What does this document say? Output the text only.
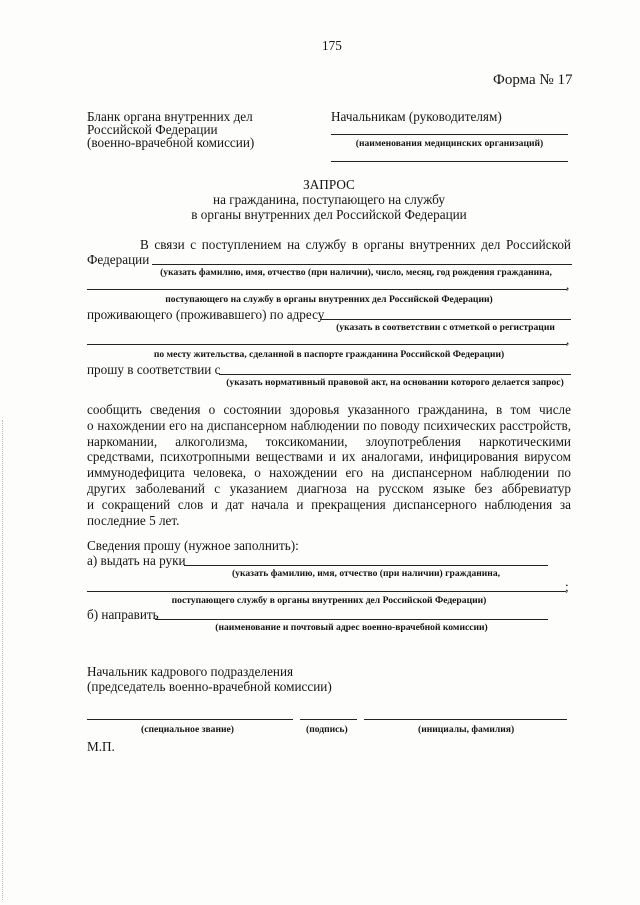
175
Форма № 17
Бланк органа внутренних дел
Российской Федерации
(военно-врачебной комиссии)
Начальникам (руководителям)
(наименования медицинских организаций)
ЗАПРОС
на гражданина, поступающего на службу
в органы внутренних дел Российской Федерации
В связи с поступлением на службу в органы внутренних дел Российской
Федерации
(указать фамилию, имя, отчество (при наличии), число, месяц, год рождения гражданина,
,
поступающего на службу в органы внутренних дел Российской Федерации)
проживающего (проживавшего) по адресу
(указать в соответствии с отметкой о регистрации
,
по месту жительства, сделанной в паспорте гражданина Российской Федерации)
прошу в соответствии с
(указать нормативный правовой акт, на основании которого делается запрос)
сообщить сведения о состоянии здоровья указанного гражданина, в том числе
о нахождении его на диспансерном наблюдении по поводу психических расстройств,
наркомании, алкоголизма, токсикомании, злоупотребления наркотическими
средствами, психотропными веществами и их аналогами, инфицирования вирусом
иммунодефицита человека, о нахождении его на диспансерном наблюдении по
других заболеваний с указанием диагноза на русском языке без аббревиатур
и сокращений слов и дат начала и прекращения диспансерного наблюдения за
последние 5 лет.
Сведения прошу (нужное заполнить):
а) выдать на руки
(указать фамилию, имя, отчество (при наличии) гражданина,
;
поступающего службу в органы внутренних дел Российской Федерации)
б) направить
(наименование и почтовый адрес военно-врачебной комиссии)
Начальник кадрового подразделения
(председатель военно-врачебной комиссии)
(специальное звание)	(подпись)	(инициалы, фамилия)
М.П.
